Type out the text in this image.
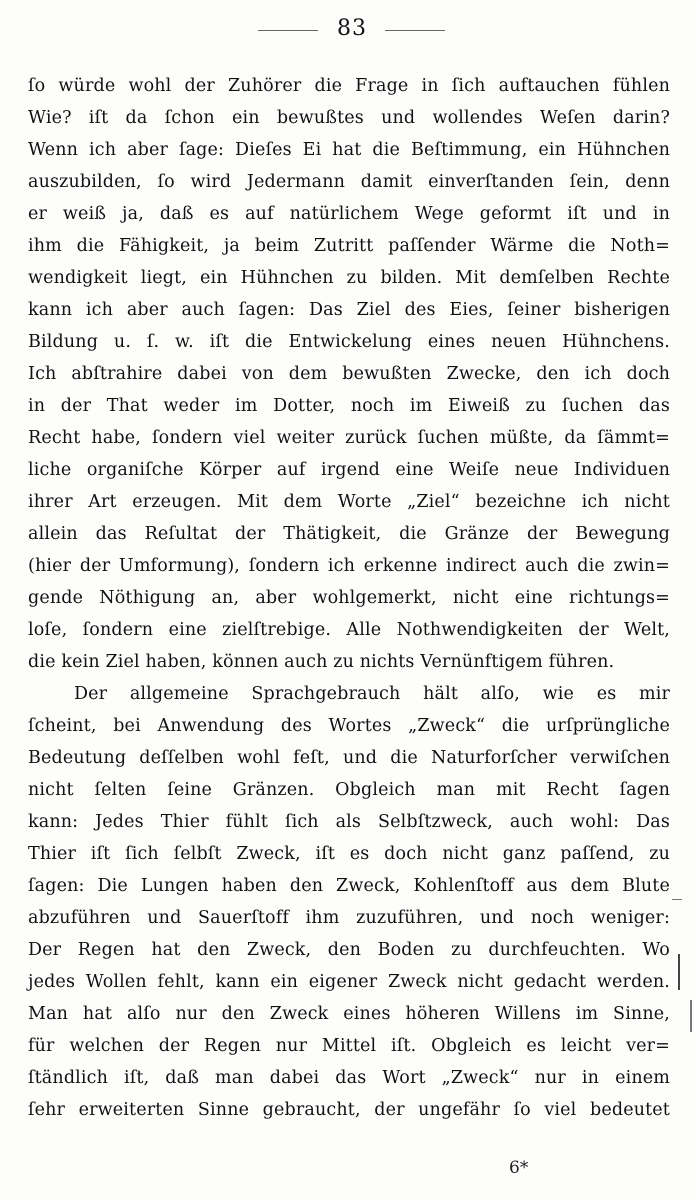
83
ſo würde wohl der Zuhörer die Frage in ſich auftauchen fühlen
Wie? iſt da ſchon ein bewußtes und wollendes Weſen darin?
Wenn ich aber ſage: Dieſes Ei hat die Beſtimmung, ein Hühnchen
auszubilden, ſo wird Jedermann damit einverſtanden ſein, denn
er weiß ja, daß es auf natürlichem Wege geformt iſt und in
ihm die Fähigkeit, ja beim Zutritt paſſender Wärme die Noth=
wendigkeit liegt, ein Hühnchen zu bilden. Mit demſelben Rechte
kann ich aber auch ſagen: Das Ziel des Eies, ſeiner bisherigen
Bildung u. ſ. w. iſt die Entwickelung eines neuen Hühnchens.
Ich abſtrahire dabei von dem bewußten Zwecke, den ich doch
in der That weder im Dotter, noch im Eiweiß zu ſuchen das
Recht habe, ſondern viel weiter zurück ſuchen müßte, da ſämmt=
liche organiſche Körper auf irgend eine Weiſe neue Individuen
ihrer Art erzeugen. Mit dem Worte „Ziel“ bezeichne ich nicht
allein das Reſultat der Thätigkeit, die Gränze der Bewegung
(hier der Umformung), ſondern ich erkenne indirect auch die zwin=
gende Nöthigung an, aber wohlgemerkt, nicht eine richtungs=
loſe, ſondern eine zielſtrebige. Alle Nothwendigkeiten der Welt,
die kein Ziel haben, können auch zu nichts Vernünftigem führen.
Der allgemeine Sprachgebrauch hält alſo, wie es mir
ſcheint, bei Anwendung des Wortes „Zweck“ die urſprüngliche
Bedeutung deſſelben wohl feſt, und die Naturforſcher verwiſchen
nicht ſelten ſeine Gränzen. Obgleich man mit Recht ſagen
kann: Jedes Thier fühlt ſich als Selbſtzweck, auch wohl: Das
Thier iſt ſich ſelbſt Zweck, iſt es doch nicht ganz paſſend, zu
ſagen: Die Lungen haben den Zweck, Kohlenſtoff aus dem Blute
abzuführen und Sauerſtoff ihm zuzuführen, und noch weniger:
Der Regen hat den Zweck, den Boden zu durchfeuchten. Wo
jedes Wollen fehlt, kann ein eigener Zweck nicht gedacht werden.
Man hat alſo nur den Zweck eines höheren Willens im Sinne,
für welchen der Regen nur Mittel iſt. Obgleich es leicht ver=
ſtändlich iſt, daß man dabei das Wort „Zweck“ nur in einem
ſehr erweiterten Sinne gebraucht, der ungefähr ſo viel bedeutet
6*
